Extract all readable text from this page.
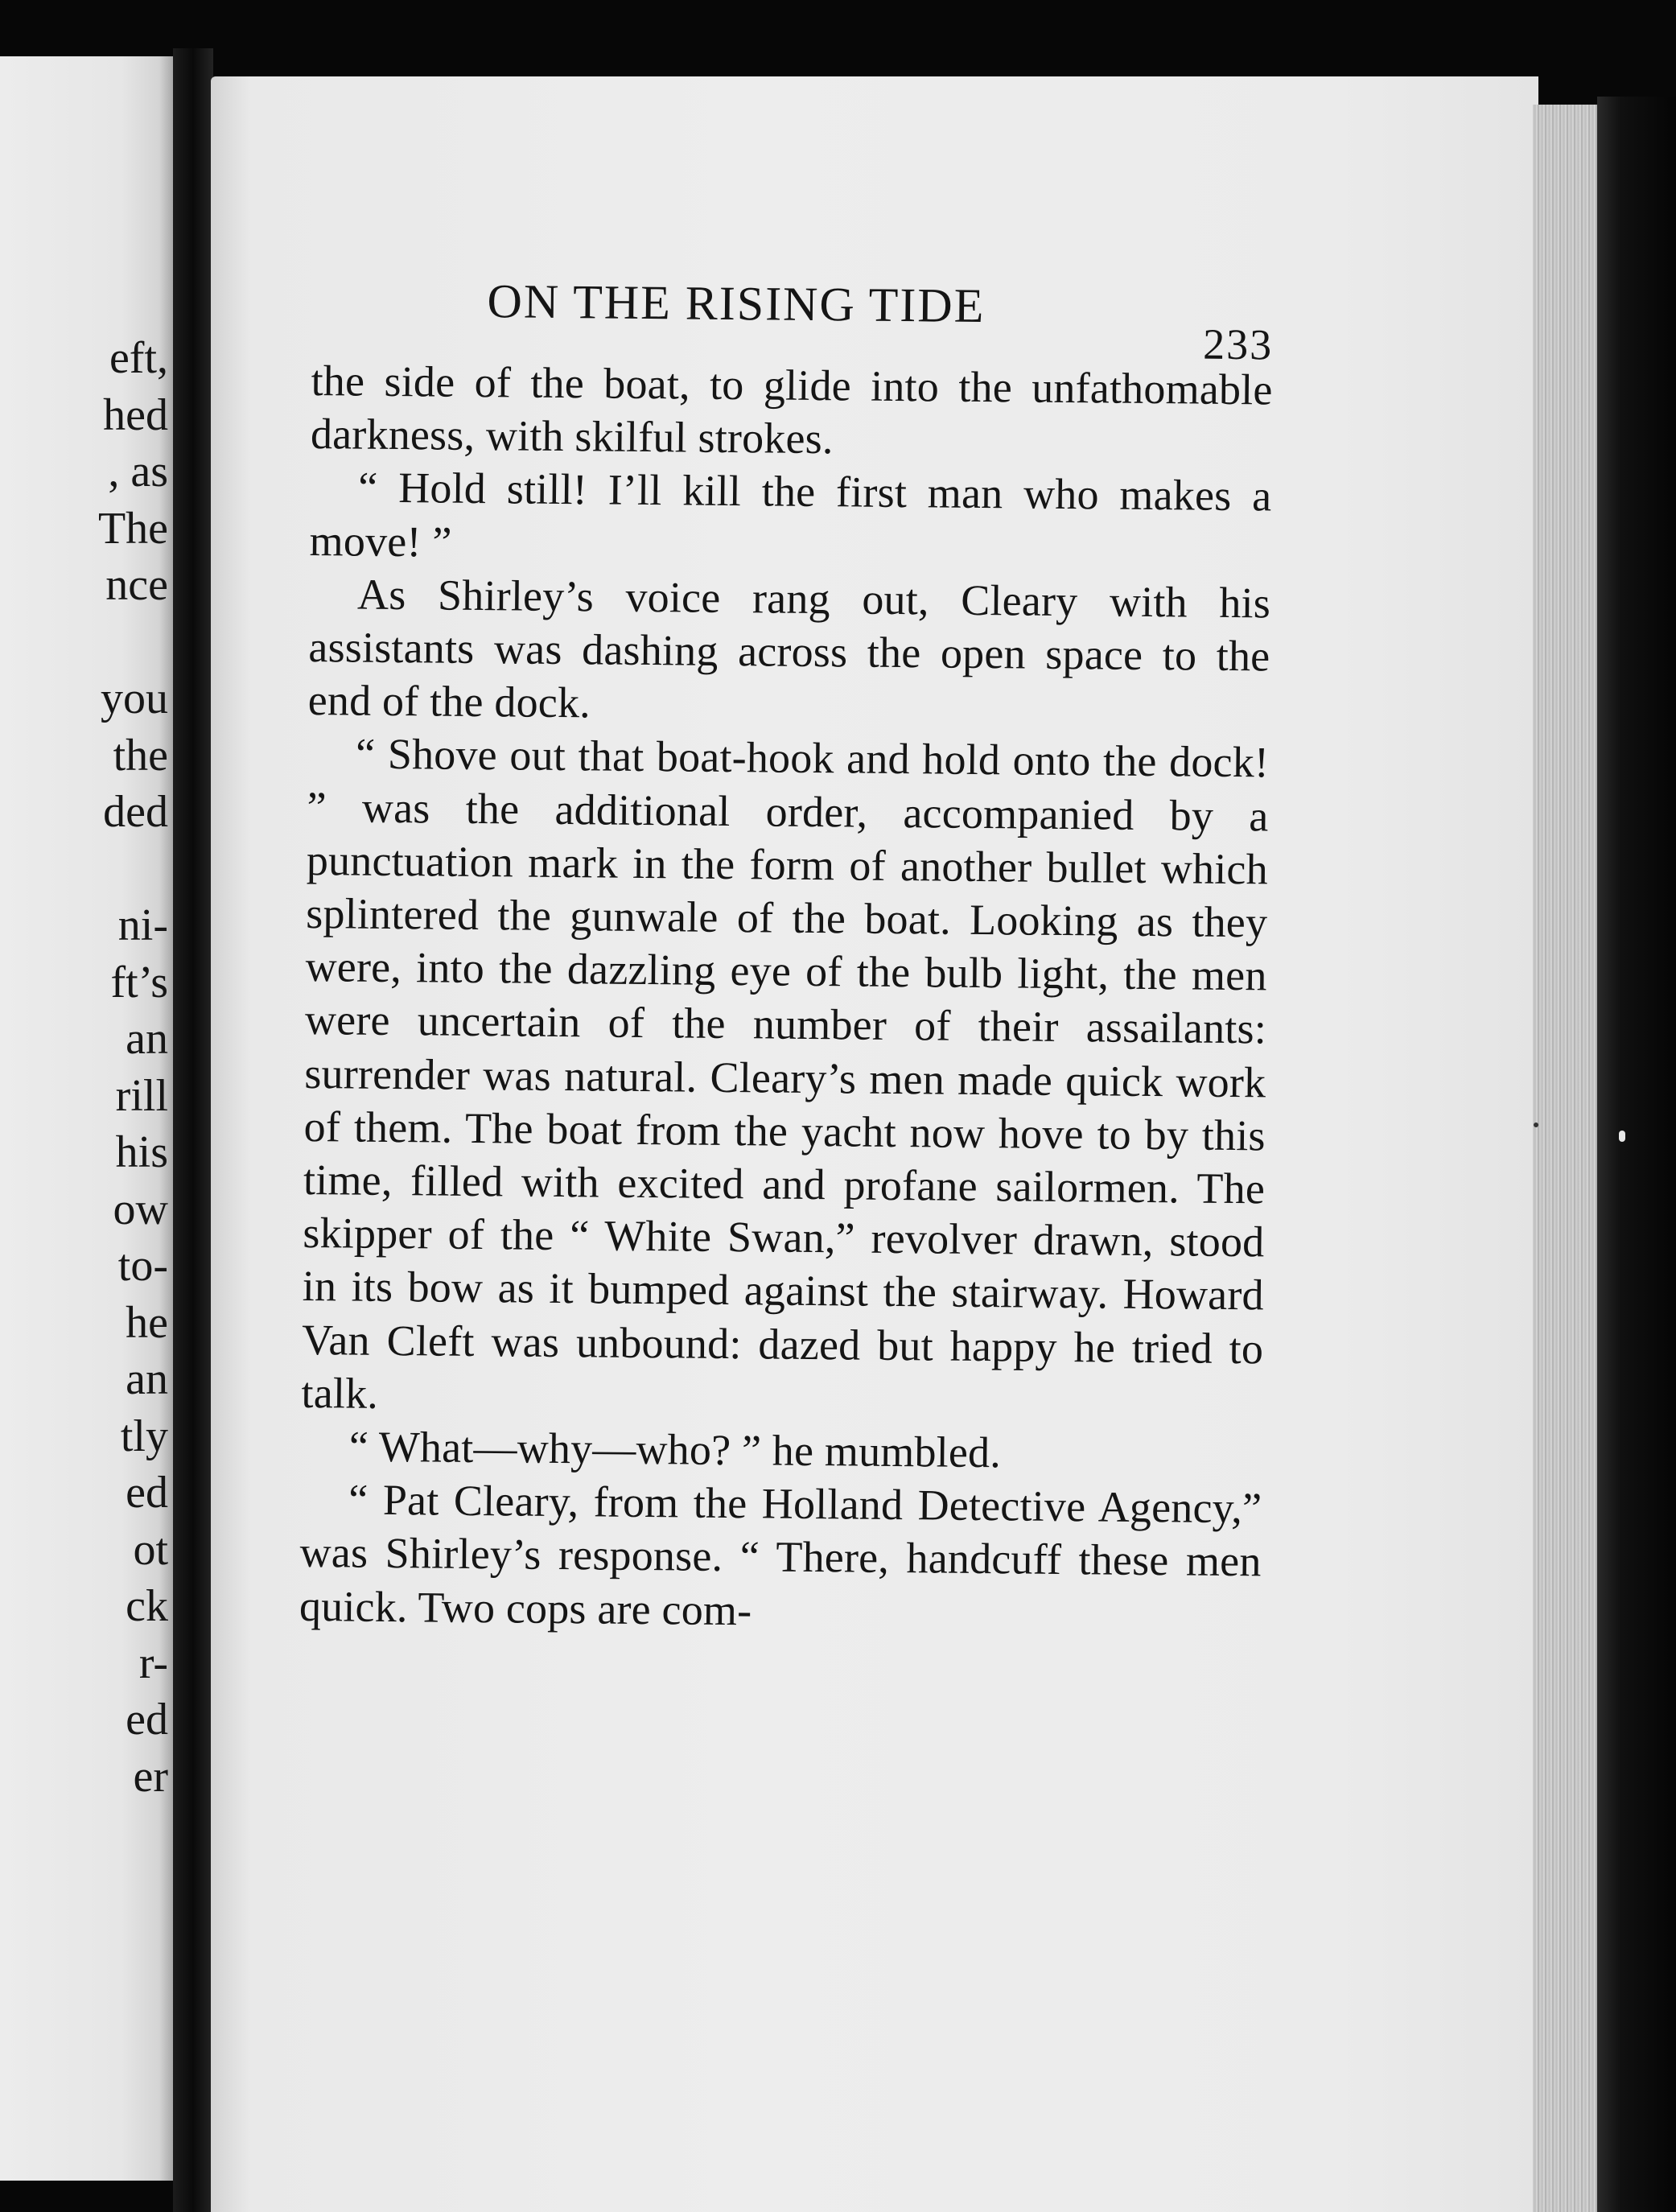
eft,
hed
, as
The
nce
you
the
ded
ni-
ft’s
an
rill
his
ow
to-
he
an
tly
ed
ot
ck
r-
ed
er
ON THE RISING TIDE
233

the side of the boat, to glide into the unfathomable darkness, with skilful strokes.

“ Hold still! I’ll kill the first man who makes a move! ”

As Shirley’s voice rang out, Cleary with his assistants was dashing across the open space to the end of the dock.

“ Shove out that boat-hook and hold onto the dock! ” was the additional order, accompanied by a punctuation mark in the form of another bullet which splintered the gunwale of the boat. Looking as they were, into the dazzling eye of the bulb light, the men were uncertain of the number of their assailants: surrender was natural. Cleary’s men made quick work of them. The boat from the yacht now hove to by this time, filled with excited and profane sailormen. The skipper of the “ White Swan,” revolver drawn, stood in its bow as it bumped against the stairway. Howard Van Cleft was unbound: dazed but happy he tried to talk.

“ What—why—who? ” he mumbled.

“ Pat Cleary, from the Holland Detective Agency,” was Shirley’s response. “ There, handcuff these men quick. Two cops are com-
